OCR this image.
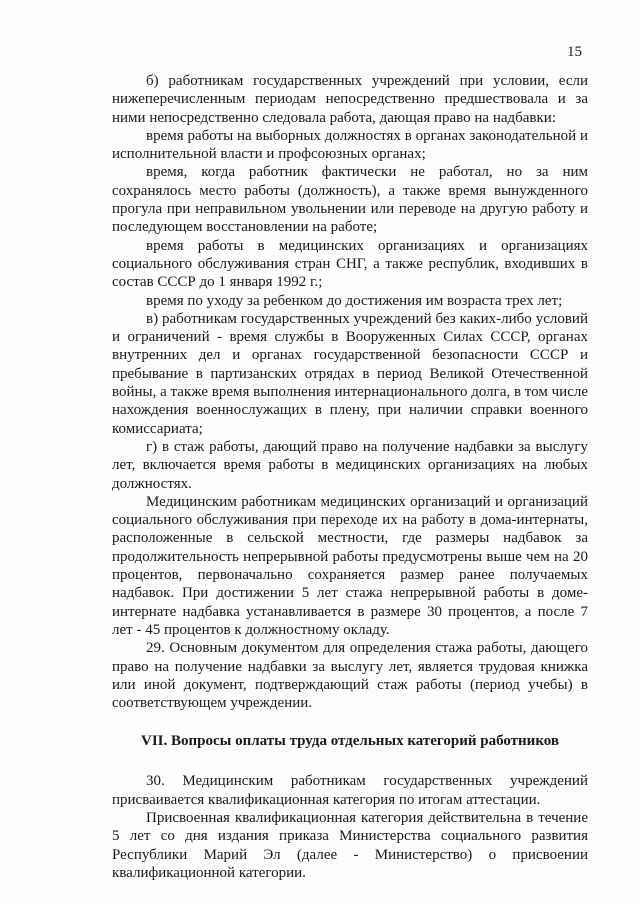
15

б) работникам государственных учреждений при условии, если нижеперечисленным периодам непосредственно предшествовала и за ними непосредственно следовала работа, дающая право на надбавки:

время работы на выборных должностях в органах законодательной и исполнительной власти и профсоюзных органах;

время, когда работник фактически не работал, но за ним сохранялось место работы (должность), а также время вынужденного прогула при неправильном увольнении или переводе на другую работу и последующем восстановлении на работе;

время работы в медицинских организациях и организациях социального обслуживания стран СНГ, а также республик, входивших в состав СССР до 1 января 1992 г.;

время по уходу за ребенком до достижения им возраста трех лет;

в) работникам государственных учреждений без каких-либо условий и ограничений - время службы в Вооруженных Силах СССР, органах внутренних дел и органах государственной безопасности СССР и пребывание в партизанских отрядах в период Великой Отечественной войны, а также время выполнения интернационального долга, в том числе нахождения военнослужащих в плену, при наличии справки военного комиссариата;

г) в стаж работы, дающий право на получение надбавки за выслугу лет, включается время работы в медицинских организациях на любых должностях.

Медицинским работникам медицинских организаций и организаций социального обслуживания при переходе их на работу в дома-интернаты, расположенные в сельской местности, где размеры надбавок за продолжительность непрерывной работы предусмотрены выше чем на 20 процентов, первоначально сохраняется размер ранее получаемых надбавок. При достижении 5 лет стажа непрерывной работы в доме-интернате надбавка устанавливается в размере 30 процентов, а после 7 лет - 45 процентов к должностному окладу.

29. Основным документом для определения стажа работы, дающего право на получение надбавки за выслугу лет, является трудовая книжка или иной документ, подтверждающий стаж работы (период учебы) в соответствующем учреждении.

VII. Вопросы оплаты труда отдельных категорий работников

30. Медицинским работникам государственных учреждений присваивается квалификационная категория по итогам аттестации.

Присвоенная квалификационная категория действительна в течение 5 лет со дня издания приказа Министерства социального развития Республики Марий Эл (далее - Министерство) о присвоении квалификационной категории.
